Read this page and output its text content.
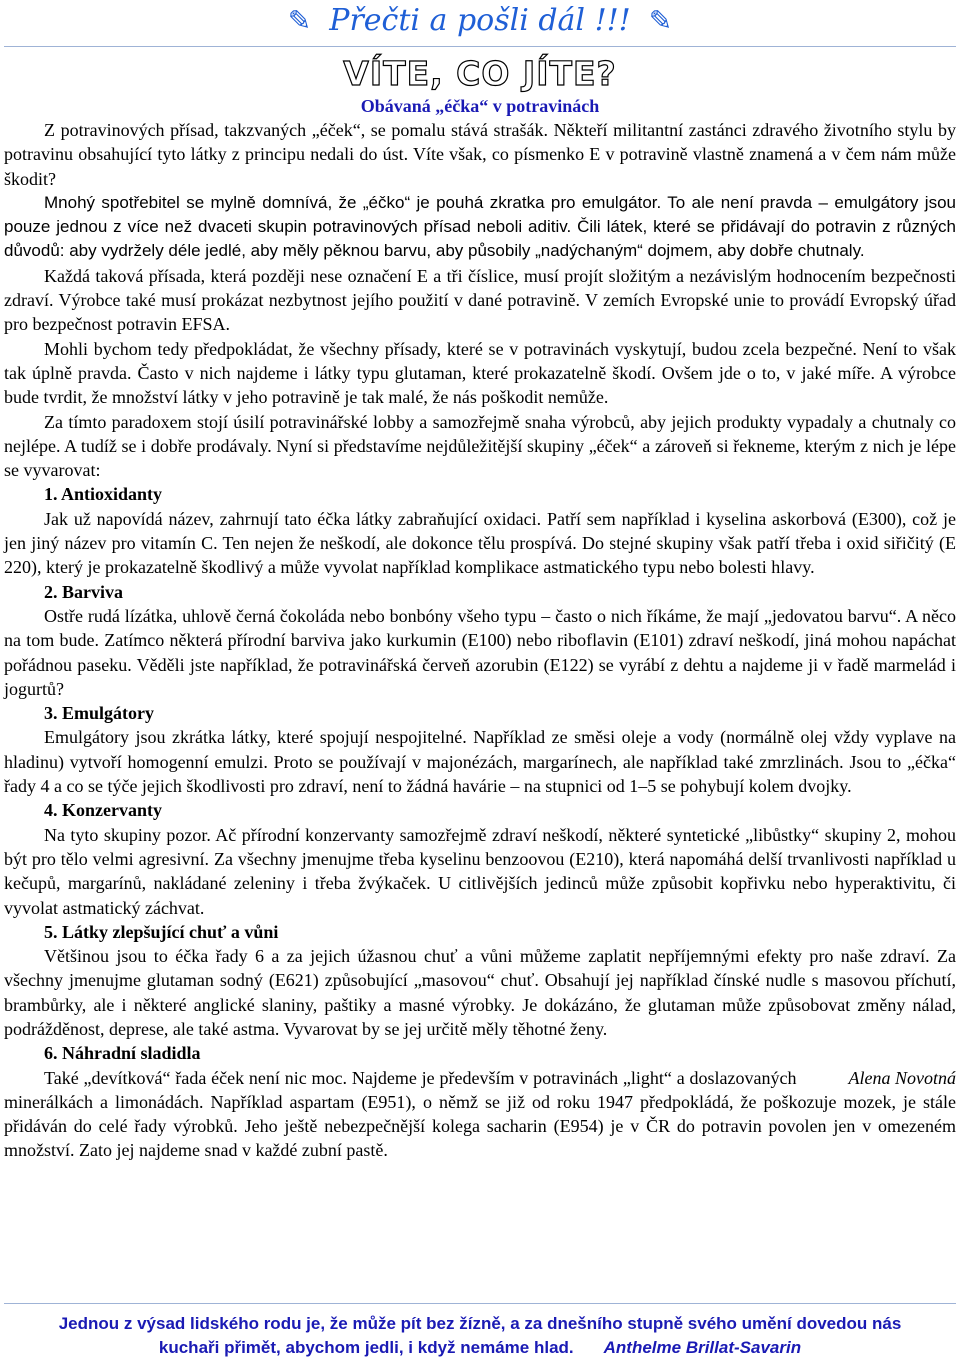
✎ Přečti a pošli dál !!! ✎
VÍTE, CO JÍTE?
Obávaná „éčka“ v potravinách

Z potravinových přísad, takzvaných „éček“, se pomalu stává strašák. Někteří militantní zastánci zdravého životního stylu by potravinu obsahující tyto látky z principu nedali do úst. Víte však, co písmenko E v potravině vlastně znamená a v čem nám může škodit?

Mnohý spotřebitel se mylně domnívá, že „éčko“ je pouhá zkratka pro emulgátor. To ale není pravda – emulgátory jsou pouze jednou z více než dvaceti skupin potravinových přísad neboli aditiv. Čili látek, které se přidávají do potravin z různých důvodů: aby vydržely déle jedlé, aby měly pěknou barvu, aby působily „nadýchaným“ dojmem, aby dobře chutnaly.

Každá taková přísada, která později nese označení E a tři číslice, musí projít složitým a nezávislým hodnocením bezpečnosti zdraví. Výrobce také musí prokázat nezbytnost jejího použití v dané potravině. V zemích Evropské unie to provádí Evropský úřad pro bezpečnost potravin EFSA.

Mohli bychom tedy předpokládat, že všechny přísady, které se v potravinách vyskytují, budou zcela bezpečné. Není to však tak úplně pravda. Často v nich najdeme i látky typu glutaman, které prokazatelně škodí. Ovšem jde o to, v jaké míře. A výrobce bude tvrdit, že množství látky v jeho potravině je tak malé, že nás poškodit nemůže.

Za tímto paradoxem stojí úsilí potravinářské lobby a samozřejmě snaha výrobců, aby jejich produkty vypadaly a chutnaly co nejlépe. A tudíž se i dobře prodávaly. Nyní si představíme nejdůležitější skupiny „éček“ a zároveň si řekneme, kterým z nich je lépe se vyvarovat:

1. Antioxidanty

Jak už napovídá název, zahrnují tato éčka látky zabraňující oxidaci. Patří sem například i kyselina askorbová (E300), což je jen jiný název pro vitamín C. Ten nejen že neškodí, ale dokonce tělu prospívá. Do stejné skupiny však patří třeba i oxid siřičitý (E 220), který je prokazatelně škodlivý a může vyvolat například komplikace astmatického typu nebo bolesti hlavy.

2. Barviva

Ostře rudá lízátka, uhlově černá čokoláda nebo bonbóny všeho typu – často o nich říkáme, že mají „jedovatou barvu“. A něco na tom bude. Zatímco některá přírodní barviva jako kurkumin (E100) nebo riboflavin (E101) zdraví neškodí, jiná mohou napáchat pořádnou paseku. Věděli jste například, že potravinářská červeň azorubin (E122) se vyrábí z dehtu a najdeme ji v řadě marmelád i jogurtů?

3. Emulgátory

Emulgátory jsou zkrátka látky, které spojují nespojitelné. Například ze směsi oleje a vody (normálně olej vždy vyplave na hladinu) vytvoří homogenní emulzi. Proto se používají v majonézách, margarínech, ale například také zmrzlinách. Jsou to „éčka“ řady 4 a co se týče jejich škodlivosti pro zdraví, není to žádná havárie – na stupnici od 1–5 se pohybují kolem dvojky.

4. Konzervanty

Na tyto skupiny pozor. Ač přírodní konzervanty samozřejmě zdraví neškodí, některé syntetické „libůstky“ skupiny 2, mohou být pro tělo velmi agresivní. Za všechny jmenujme třeba kyselinu benzoovou (E210), která napomáhá delší trvanlivosti například u kečupů, margarínů, nakládané zeleniny i třeba žvýkaček. U citlivějších jedinců může způsobit kopřivku nebo hyperaktivitu, či vyvolat astmatický záchvat.

5. Látky zlepšující chuť a vůni

Většinou jsou to éčka řady 6 a za jejich úžasnou chuť a vůni můžeme zaplatit nepříjemnými efekty pro naše zdraví. Za všechny jmenujme glutaman sodný (E621) způsobující „masovou“ chuť. Obsahují jej například čínské nudle s masovou příchutí, brambůrky, ale i některé anglické slaniny, paštiky a masné výrobky. Je dokázáno, že glutaman může způsobovat změny nálad, podrážděnost, deprese, ale také astma. Vyvarovat by se jej určitě měly těhotné ženy.

6. Náhradní sladidla

Alena Novotná
Také „devítková“ řada éček není nic moc. Najdeme je především v potravinách „light“ a doslazovaných minerálkách a limonádách. Například aspartam (E951), o němž se již od roku 1947 předpokládá, že poškozuje mozek, je stále přidáván do celé řady výrobků. Jeho ještě nebezpečnější kolega sacharin (E954) je v ČR do potravin povolen jen v omezeném množství. Zato jej najdeme snad v každé zubní pastě.

Jednou z výsad lidského rodu je, že může pít bez žízně, a za dnešního stupně svého umění dovedou nás
kuchaři přimět, abychom jedli, i když nemáme hlad. Anthelme Brillat-Savarin
